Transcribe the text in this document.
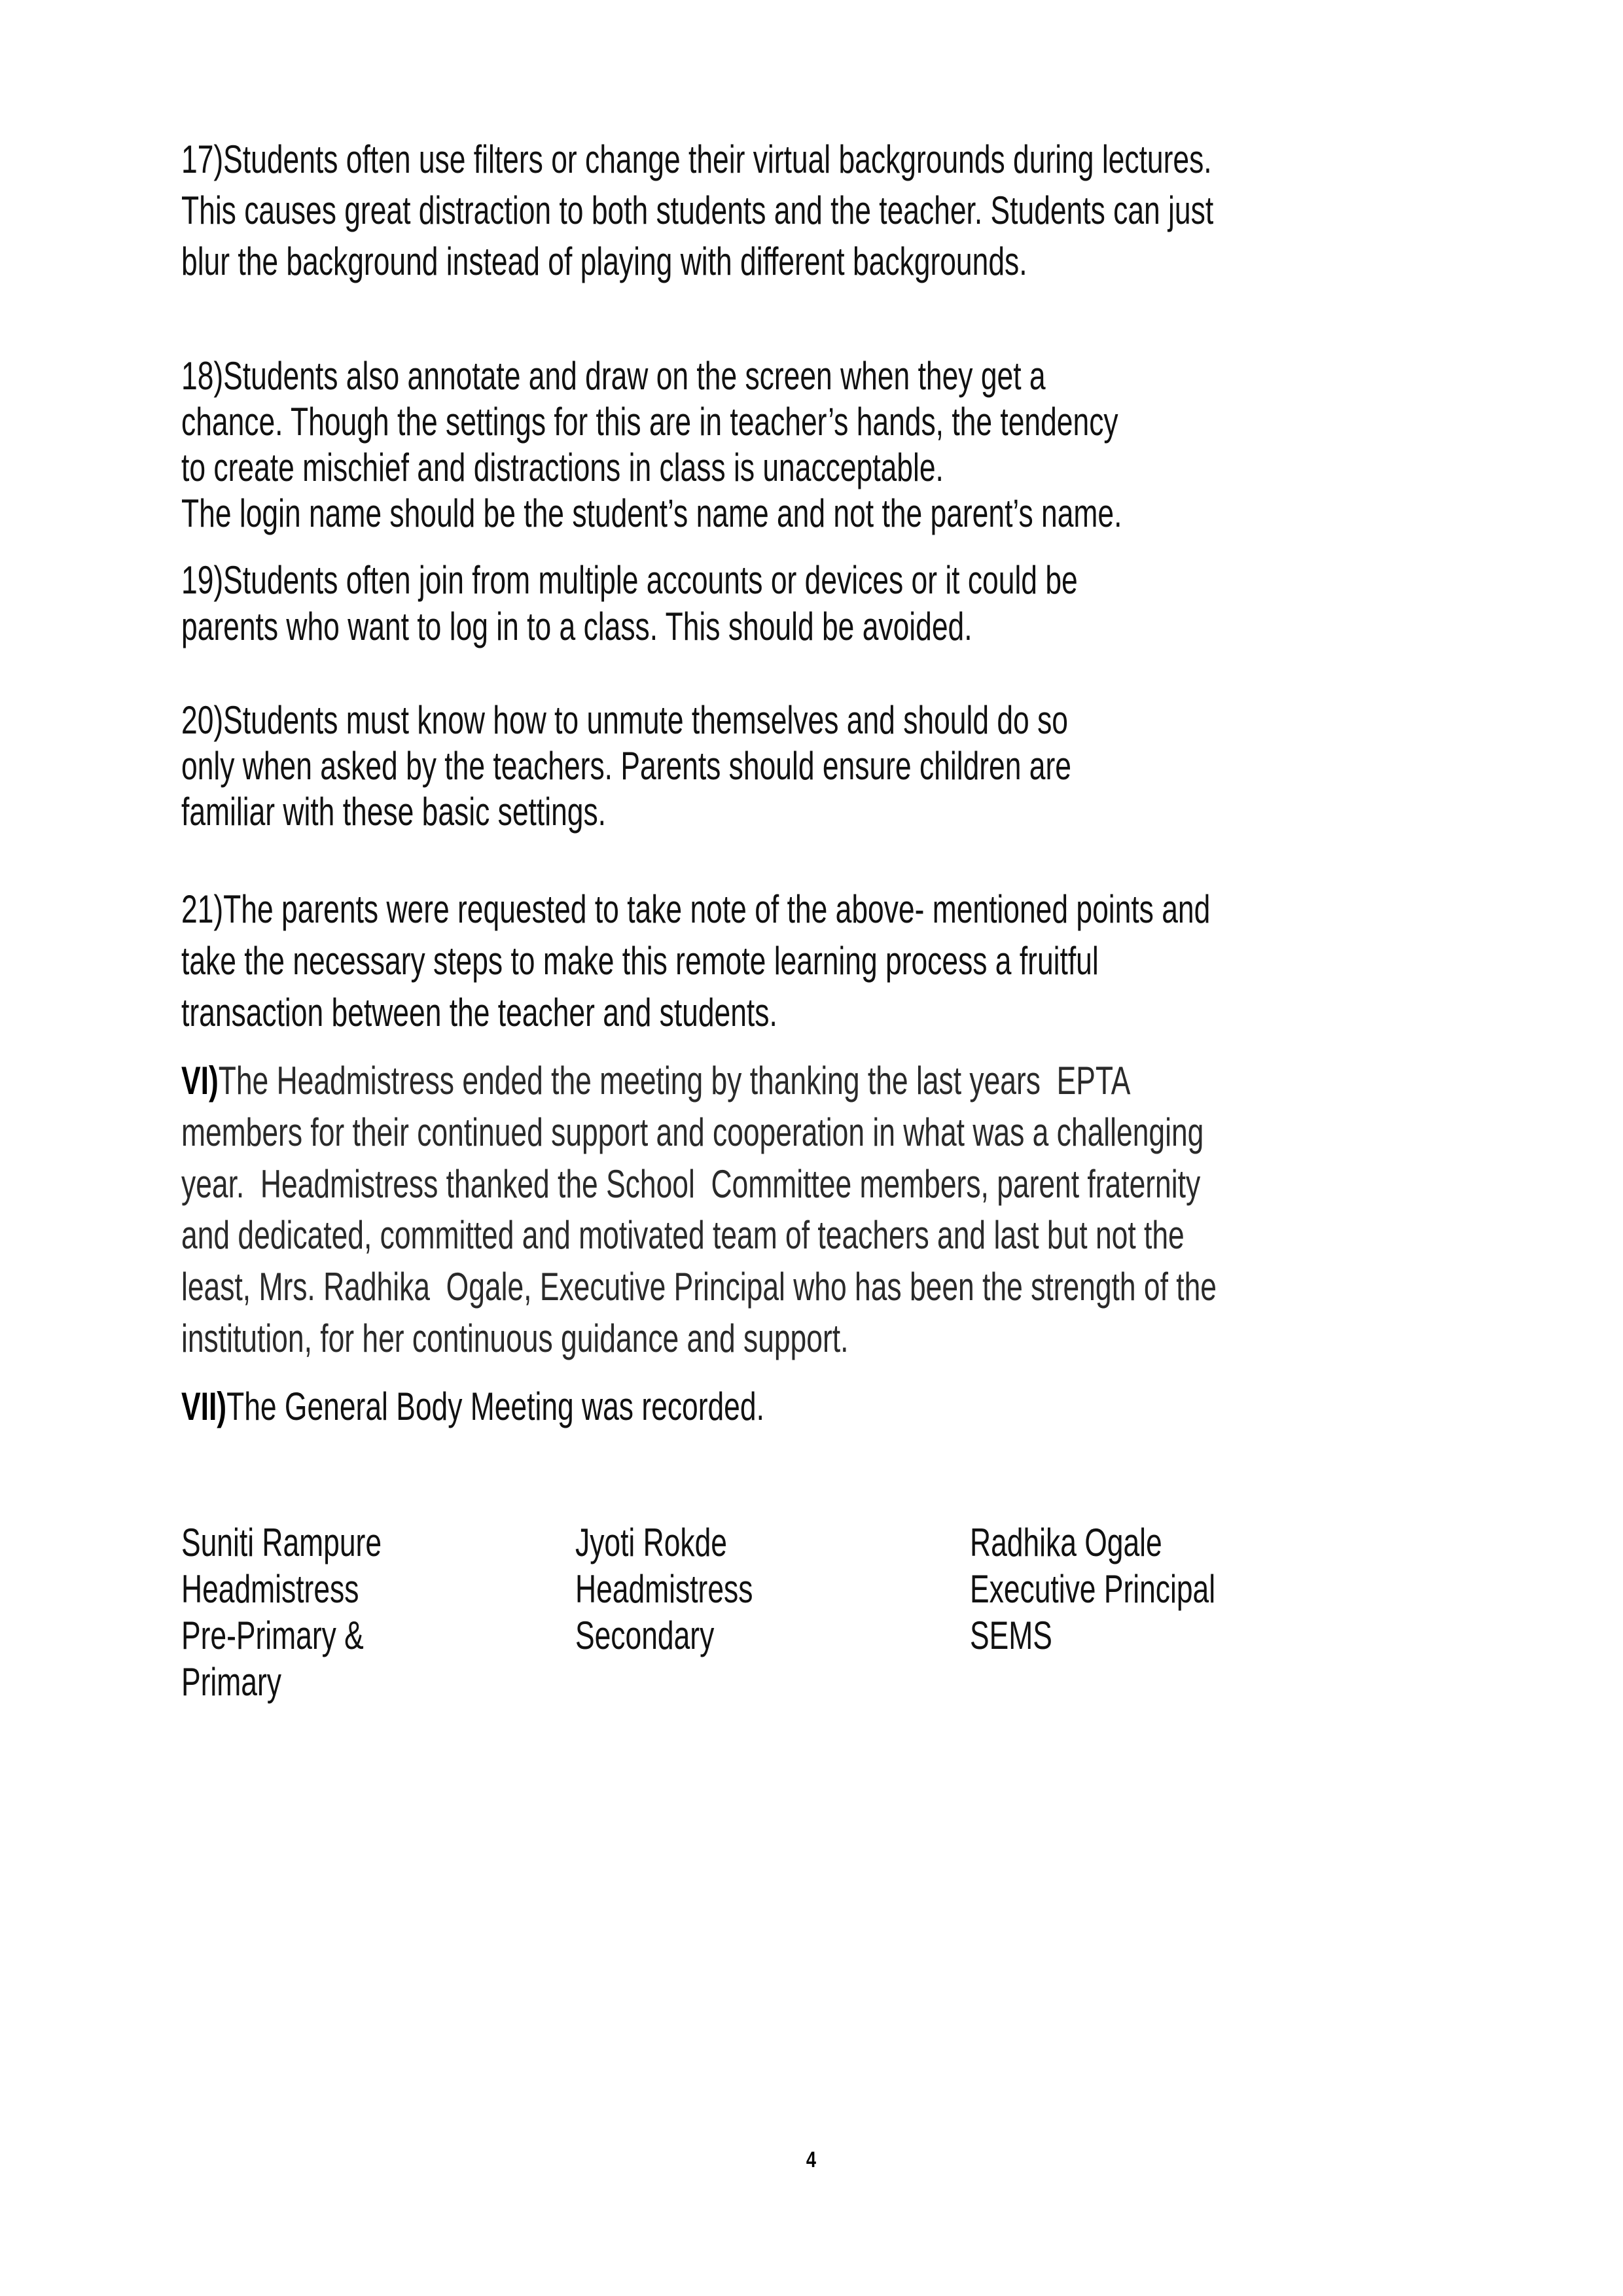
17)Students often use filters or change their virtual backgrounds during lectures.
This causes great distraction to both students and the teacher. Students can just
blur the background instead of playing with different backgrounds.
18)Students also annotate and draw on the screen when they get a
chance. Though the settings for this are in teacher’s hands, the tendency
to create mischief and distractions in class is unacceptable.
The login name should be the student’s name and not the parent’s name.
19)Students often join from multiple accounts or devices or it could be
parents who want to log in to a class. This should be avoided.
20)Students must know how to unmute themselves and should do so
only when asked by the teachers. Parents should ensure children are
familiar with these basic settings.
21)The parents were requested to take note of the above- mentioned points and
take the necessary steps to make this remote learning process a fruitful
transaction between the teacher and students.
VI)The Headmistress ended the meeting by thanking the last years  EPTA
members for their continued support and cooperation in what was a challenging
year.  Headmistress thanked the School  Committee members, parent fraternity
and dedicated, committed and motivated team of teachers and last but not the
least, Mrs. Radhika  Ogale, Executive Principal who has been the strength of the
institution, for her continuous guidance and support.
VII)The General Body Meeting was recorded.
Suniti Rampure
Headmistress
Pre-Primary &
Primary
Jyoti Rokde
Headmistress
Secondary
Radhika Ogale
Executive Principal
SEMS
4
